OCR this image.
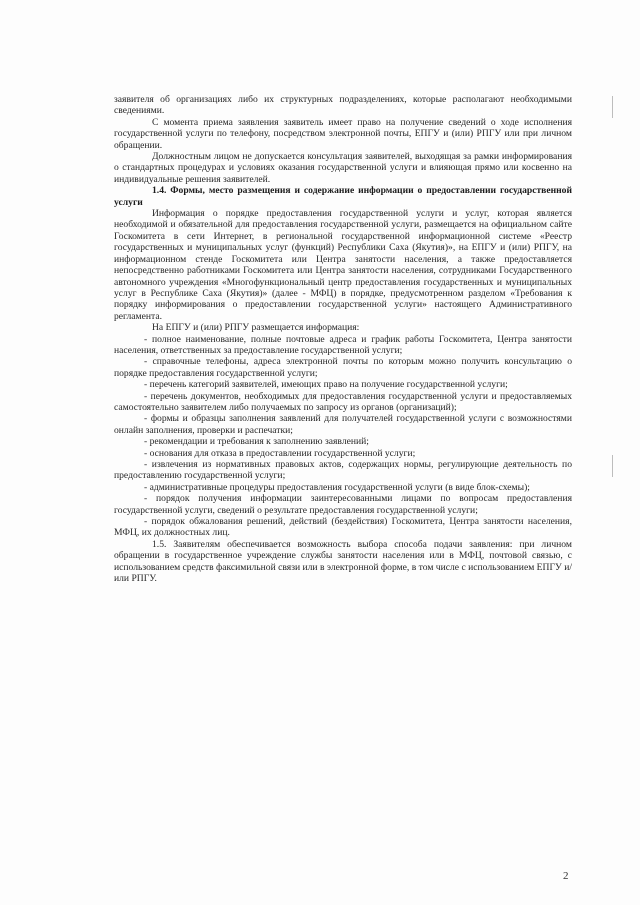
заявителя об организациях либо их структурных подразделениях, которые располагают необходимыми сведениями.

С момента приема заявления заявитель имеет право на получение сведений о ходе исполнения государственной услуги по телефону, посредством электронной почты, ЕПГУ и (или) РПГУ или при личном обращении.

Должностным лицом не допускается консультация заявителей, выходящая за рамки информирования о стандартных процедурах и условиях оказания государственной услуги и влияющая прямо или косвенно на индивидуальные решения заявителей.

1.4. Формы, место размещения и содержание информации о предоставлении государственной услуги

Информация о порядке предоставления государственной услуги и услуг, которая является необходимой и обязательной для предоставления государственной услуги, размещается на официальном сайте Госкомитета в сети Интернет, в региональной государственной информационной системе «Реестр государственных и муниципальных услуг (функций) Республики Саха (Якутия)», на ЕПГУ и (или) РПГУ, на информационном стенде Госкомитета или Центра занятости населения, а также предоставляется непосредственно работниками Госкомитета или Центра занятости населения, сотрудниками Государственного автономного учреждения «Многофункциональный центр предоставления государственных и муниципальных услуг в Республике Саха (Якутия)» (далее - МФЦ) в порядке, предусмотренном разделом «Требования к порядку информирования о предоставлении государственной услуги» настоящего Административного регламента.

На ЕПГУ и (или) РПГУ размещается информация:

- полное наименование, полные почтовые адреса и график работы Госкомитета, Центра занятости населения, ответственных за предоставление государственной услуги;

- справочные телефоны, адреса электронной почты по которым можно получить консультацию о порядке предоставления государственной услуги;

- перечень категорий заявителей, имеющих право на получение государственной услуги;

- перечень документов, необходимых для предоставления государственной услуги и предоставляемых самостоятельно заявителем либо получаемых по запросу из органов (организаций);

- формы и образцы заполнения заявлений для получателей государственной услуги с возможностями онлайн заполнения, проверки и распечатки;

- рекомендации и требования к заполнению заявлений;

- основания для отказа в предоставлении государственной услуги;

- извлечения из нормативных правовых актов, содержащих нормы, регулирующие деятельность по предоставлению государственной услуги;

- административные процедуры предоставления государственной услуги (в виде блок-схемы);

- порядок получения информации заинтересованными лицами по вопросам предоставления государственной услуги, сведений о результате предоставления государственной услуги;

- порядок обжалования решений, действий (бездействия) Госкомитета, Центра занятости населения, МФЦ, их должностных лиц.

1.5. Заявителям обеспечивается возможность выбора способа подачи заявления: при личном обращении в государственное учреждение службы занятости населения или в МФЦ, почтовой связью, с использованием средств факсимильной связи или в электронной форме, в том числе с использованием ЕПГУ и/или РПГУ.

2
